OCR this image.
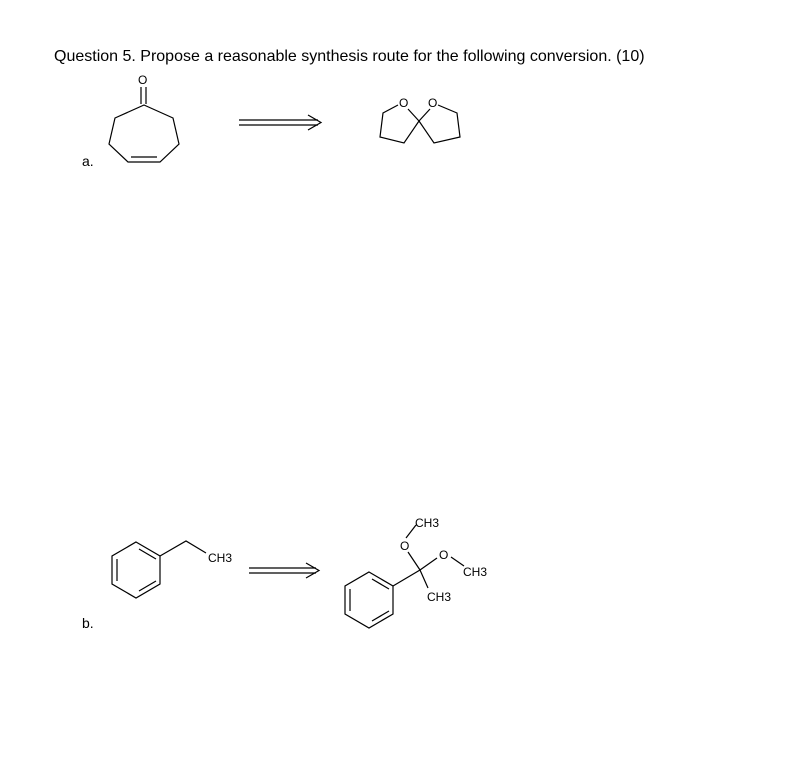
Question 5. Propose a reasonable synthesis route for the following conversion. (10)
a.
b.
O
O O
CH3
CH3
O
O
CH3
CH3
